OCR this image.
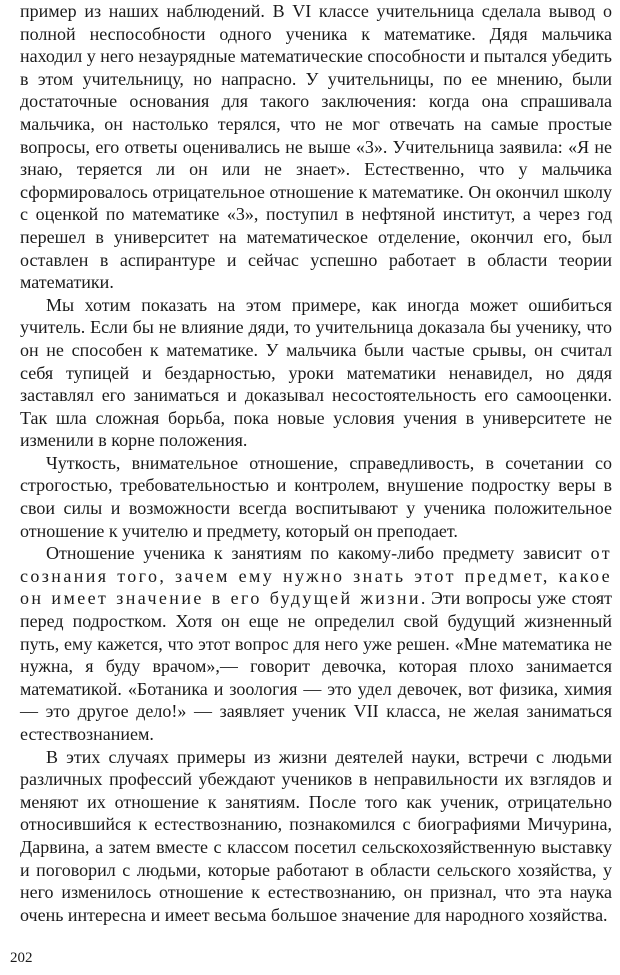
пример из наших наблюдений. В VI классе учительница сделала вывод о полной неспособности одного ученика к математике. Дядя мальчика находил у него незаурядные математические способности и пытался убедить в этом учительницу, но напрасно. У учительницы, по ее мнению, были достаточные основания для такого заключения: когда она спрашивала мальчика, он настолько терялся, что не мог отвечать на самые простые вопросы, его ответы оценивались не выше «3». Учительница заявила: «Я не знаю, теряется ли он или не знает». Естественно, что у мальчика сформировалось отрицательное отношение к математике. Он окончил школу с оценкой по математике «3», поступил в нефтяной институт, а через год перешел в университет на математическое отделение, окончил его, был оставлен в аспирантуре и сейчас успешно работает в области теории математики.

Мы хотим показать на этом примере, как иногда может ошибиться учитель. Если бы не влияние дяди, то учительница доказала бы ученику, что он не способен к математике. У мальчика были частые срывы, он считал себя тупицей и бездарностью, уроки математики ненавидел, но дядя заставлял его заниматься и доказывал несостоятельность его самооценки. Так шла сложная борьба, пока новые условия учения в университете не изменили в корне положения.

Чуткость, внимательное отношение, справедливость, в сочетании со строгостью, требовательностью и контролем, внушение подростку веры в свои силы и возможности всегда воспитывают у ученика положительное отношение к учителю и предмету, который он преподает.

Отношение ученика к занятиям по какому-либо предмету зависит от сознания того, зачем ему нужно знать этот предмет, какое он имеет значение в его будущей жизни. Эти вопросы уже стоят перед подростком. Хотя он еще не определил свой будущий жизненный путь, ему кажется, что этот вопрос для него уже решен. «Мне математика не нужна, я буду врачом»,— говорит девочка, которая плохо занимается математикой. «Ботаника и зоология — это удел девочек, вот физика, химия — это другое дело!» — заявляет ученик VII класса, не желая заниматься естествознанием.

В этих случаях примеры из жизни деятелей науки, встречи с людьми различных профессий убеждают учеников в неправильности их взглядов и меняют их отношение к занятиям. После того как ученик, отрицательно относившийся к естествознанию, познакомился с биографиями Мичурина, Дарвина, а затем вместе с классом посетил сельскохозяйственную выставку и поговорил с людьми, которые работают в области сельского хозяйства, у него изменилось отношение к естествознанию, он признал, что эта наука очень интересна и имеет весьма большое значение для народного хозяйства.

202
